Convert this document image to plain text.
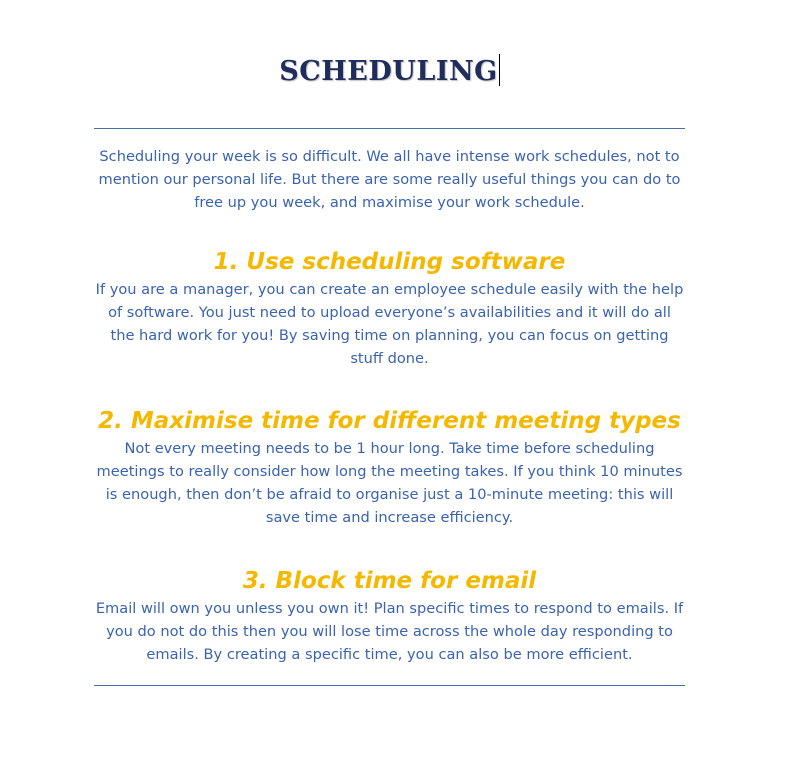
SCHEDULING
Scheduling your week is so difficult. We all have intense work schedules, not to mention our personal life. But there are some really useful things you can do to free up you week, and maximise your work schedule.
1. Use scheduling software

If you are a manager, you can create an employee schedule easily with the help of software. You just need to upload everyone’s availabilities and it will do all the hard work for you! By saving time on planning, you can focus on getting stuff done.

2. Maximise time for different meeting types

Not every meeting needs to be 1 hour long. Take time before scheduling meetings to really consider how long the meeting takes. If you think 10 minutes is enough, then don’t be afraid to organise just a 10-minute meeting: this will save time and increase efficiency.

3. Block time for email

Email will own you unless you own it! Plan specific times to respond to emails. If you do not do this then you will lose time across the whole day responding to emails. By creating a specific time, you can also be more efficient.
